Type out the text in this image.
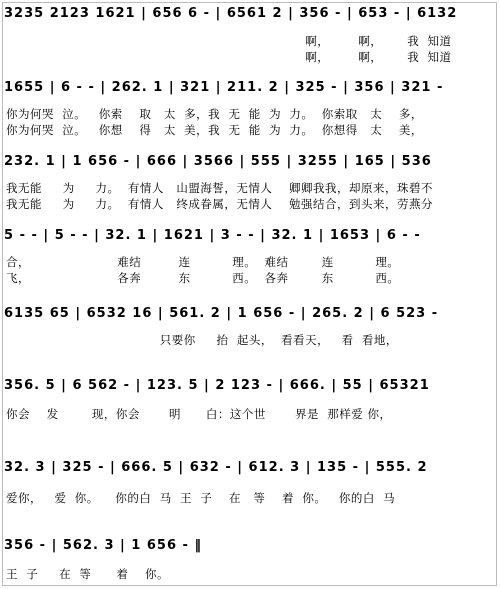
3235 2123 1621 | 656 6 - | 6561 2 | 356 - | 653 - | 6132
啊，       啊，      我  知道
啊，       啊，      我  知道
1655 | 6 - - | 262. 1 | 321 | 211. 2 | 325 - | 356 | 321 -
你为何哭  泣。   你索    取   太  多，我  无  能  为  力。  你索取   太    多，
你为何哭  泣。   你想    得   太  美，我  无  能  为  力。  你想得   太    美，
232. 1 | 1 656 - | 666 | 3566 | 555 | 3255 | 165 | 536
我无能     为     力。  有情人   山盟海誓，无情人    卿卿我我，却原来，珠碧不
我无能     为     力。  有情人   终成眷属，无情人    勉强结合，到头来，劳燕分
5 - - | 5 - - | 32. 1 | 1621 | 3 - - | 32. 1 | 1653 | 6 - -
合，                     难结         连          理。  难结        连          理。
飞，                     各奔         东          西。  各奔        东          西。
6135 65 | 6532 16 | 561. 2 | 1 656 - | 265. 2 | 6 523 -
只要你     抬  起头，  看看天，   看  看地，
356. 5 | 6 562 - | 123. 5 | 2 123 - | 666. | 55 | 65321
你会    发        现，你会       明      白：这个世       界是  那样爱 你，
32. 3 | 325 - | 666. 5 | 632 - | 612. 3 | 135 - | 555. 2
爱你，   爱  你。    你的白  马  王  子    在   等    着  你。   你的白  马
356 - | 562. 3 | 1 656 - ‖
王  子     在  等      着    你。
